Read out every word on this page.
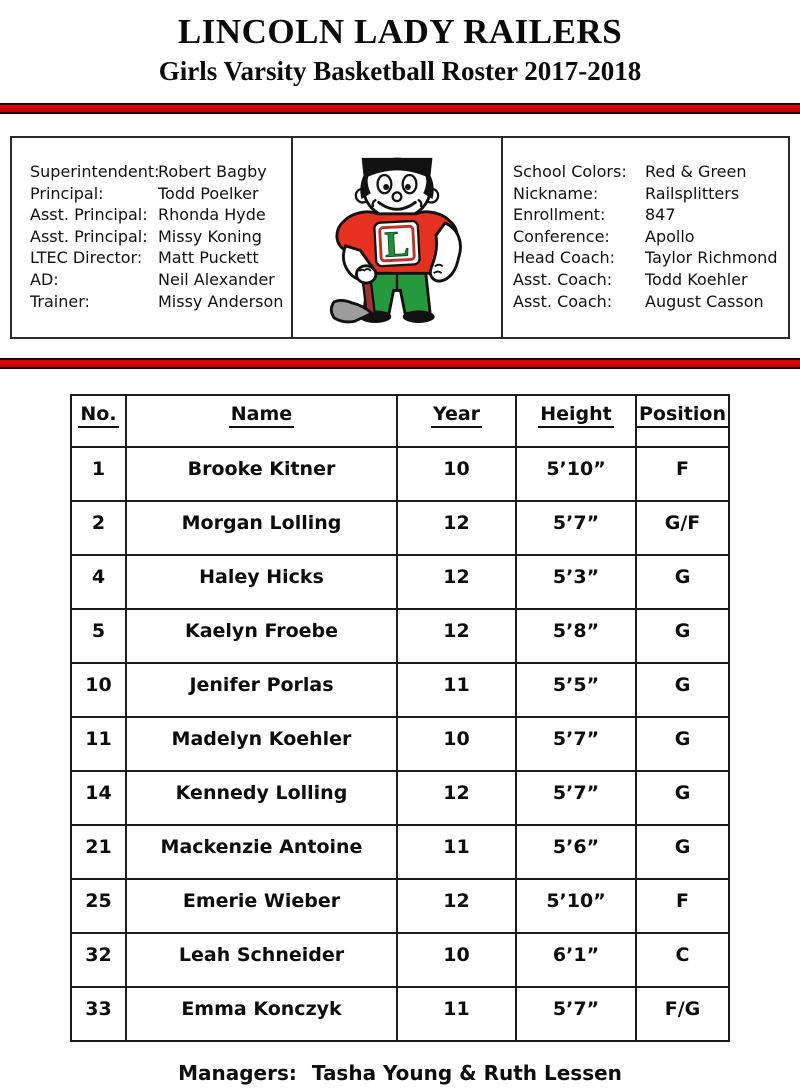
LINCOLN LADY RAILERS
Girls Varsity Basketball Roster 2017-2018
Superintendent:Robert Bagby
Principal:	Todd Poelker
Asst. Principal: Rhonda Hyde
Asst. Principal: Missy Koning
LTEC Director: Matt Puckett
AD:	Neil Alexander
Trainer:	Missy Anderson
L
School Colors: Red & Green
Nickname:	Railsplitters
Enrollment: 847
Conference: Apollo
Head Coach: Taylor Richmond
Asst. Coach: Todd Koehler
Asst. Coach: August Casson
No.	Name	Year	Height	Position
1	Brooke Kitner	10	5’10”	F
2	Morgan Lolling	12	5’7”	G/F
4	Haley Hicks	12	5’3”	G
5	Kaelyn Froebe	12	5’8”	G
10	Jenifer Porlas	11	5’5”	G
11	Madelyn Koehler	10	5’7”	G
14	Kennedy Lolling	12	5’7”	G
21	Mackenzie Antoine	11	5’6”	G
25	Emerie Wieber	12	5’10”	F
32	Leah Schneider	10	6’1”	C
33	Emma Konczyk	11	5’7”	F/G
Managers: Tasha Young & Ruth Lessen
